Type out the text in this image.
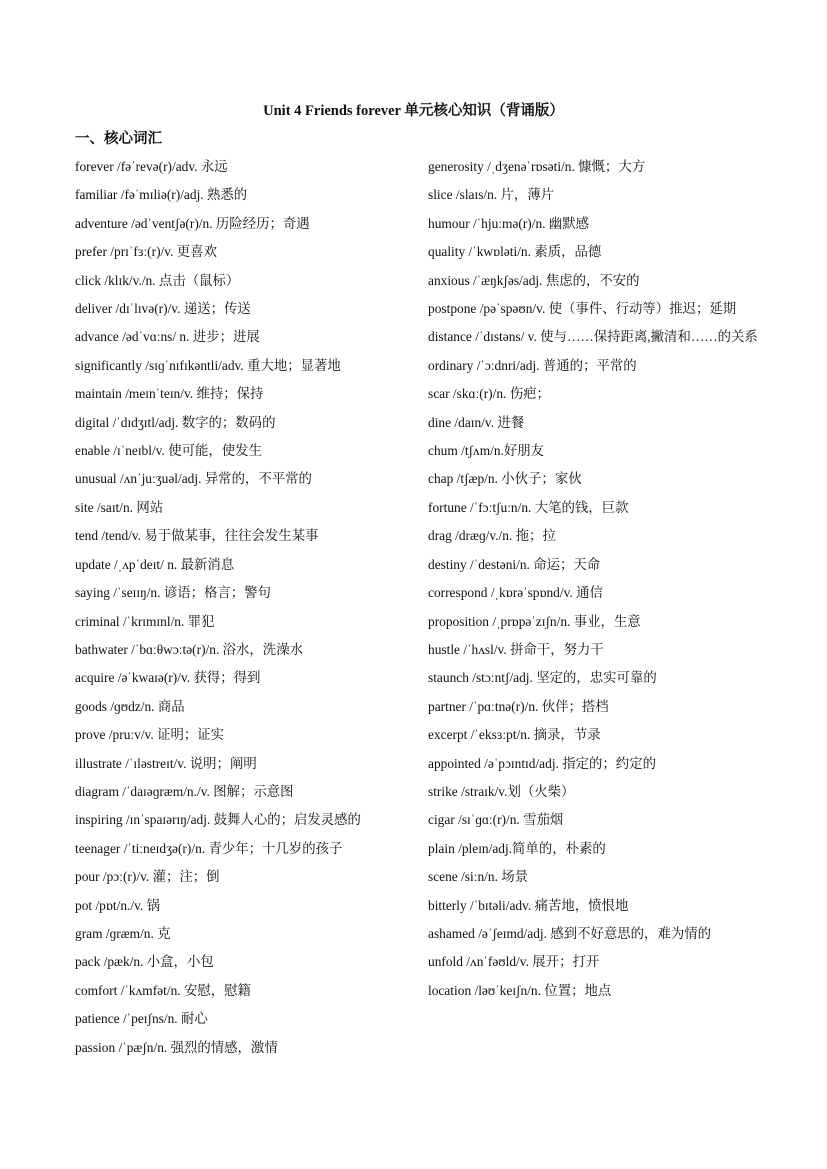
Unit 4 Friends forever 单元核心知识（背诵版）
一、核心词汇
forever /fəˈrevə(r)/adv. 永远
familiar /fəˈmɪliə(r)/adj. 熟悉的
adventure /ədˈventʃə(r)/n. 历险经历；奇遇
prefer /prɪˈfɜː(r)/v. 更喜欢
click /klɪk/v./n. 点击（鼠标）
deliver /dɪˈlɪvə(r)/v. 递送；传送
advance /ədˈvɑːns/ n. 进步；进展
significantly /sɪɡˈnɪfɪkəntli/adv. 重大地；显著地
maintain /meɪnˈteɪn/v. 维持；保持
digital /ˈdɪdʒɪtl/adj. 数字的；数码的
enable /ɪˈneɪbl/v. 使可能，使发生
unusual /ʌnˈjuːʒuəl/adj. 异常的，不平常的
site /saɪt/n. 网站
tend /tend/v. 易于做某事，往往会发生某事
update /ˌʌpˈdeɪt/ n. 最新消息
saying /ˈseɪɪŋ/n. 谚语；格言；警句
criminal /ˈkrɪmɪnl/n. 罪犯
bathwater /ˈbɑːθwɔːtə(r)/n. 浴水，洗澡水
acquire /əˈkwaɪə(r)/v. 获得；得到
goods /ɡʊdz/n. 商品
prove /pruːv/v. 证明；证实
illustrate /ˈɪləstreɪt/v. 说明；阐明
diagram /ˈdaɪəɡræm/n./v. 图解；示意图
inspiring /ɪnˈspaɪərɪŋ/adj. 鼓舞人心的；启发灵感的
teenager /ˈtiːneɪdʒə(r)/n. 青少年；十几岁的孩子
pour /pɔː(r)/v. 灌；注；倒
pot /pɒt/n./v. 锅
gram /ɡræm/n. 克
pack /pæk/n. 小盒，小包
comfort /ˈkʌmfət/n. 安慰，慰籍
patience /ˈpeɪʃns/n. 耐心
passion /ˈpæʃn/n. 强烈的情感，激情
generosity /ˌdʒenəˈrɒsəti/n. 慷慨；大方
slice /slaɪs/n. 片，薄片
humour /ˈhjuːmə(r)/n. 幽默感
quality /ˈkwɒləti/n. 素质，品德
anxious /ˈæŋkʃəs/adj. 焦虑的，不安的
postpone /pəˈspəʊn/v. 使（事件、行动等）推迟；延期
distance /ˈdɪstəns/ v. 使与……保持距离,撇清和……的关系
ordinary /ˈɔːdnri/adj. 普通的；平常的
scar /skɑː(r)/n. 伤疤；
dine /daɪn/v. 进餐
chum /tʃʌm/n.好朋友
chap /tʃæp/n. 小伙子；家伙
fortune /ˈfɔːtʃuːn/n. 大笔的钱，巨款
drag /dræɡ/v./n. 拖；拉
destiny /ˈdestəni/n. 命运；天命
correspond /ˌkɒrəˈspɒnd/v. 通信
proposition /ˌprɒpəˈzɪʃn/n. 事业，生意
hustle /ˈhʌsl/v. 拼命干，努力干
staunch /stɔːntʃ/adj. 坚定的，忠实可靠的
partner /ˈpɑːtnə(r)/n. 伙伴；搭档
excerpt /ˈeksɜːpt/n. 摘录，节录
appointed /əˈpɔɪntɪd/adj. 指定的；约定的
strike /straɪk/v.划（火柴）
cigar /sɪˈɡɑː(r)/n. 雪茄烟
plain /pleɪn/adj.简单的，朴素的
scene /siːn/n. 场景
bitterly /ˈbɪtəli/adv. 痛苦地，愤恨地
ashamed /əˈʃeɪmd/adj. 感到不好意思的，难为情的
unfold /ʌnˈfəʊld/v. 展开；打开
location /ləʊˈkeɪʃn/n. 位置；地点
